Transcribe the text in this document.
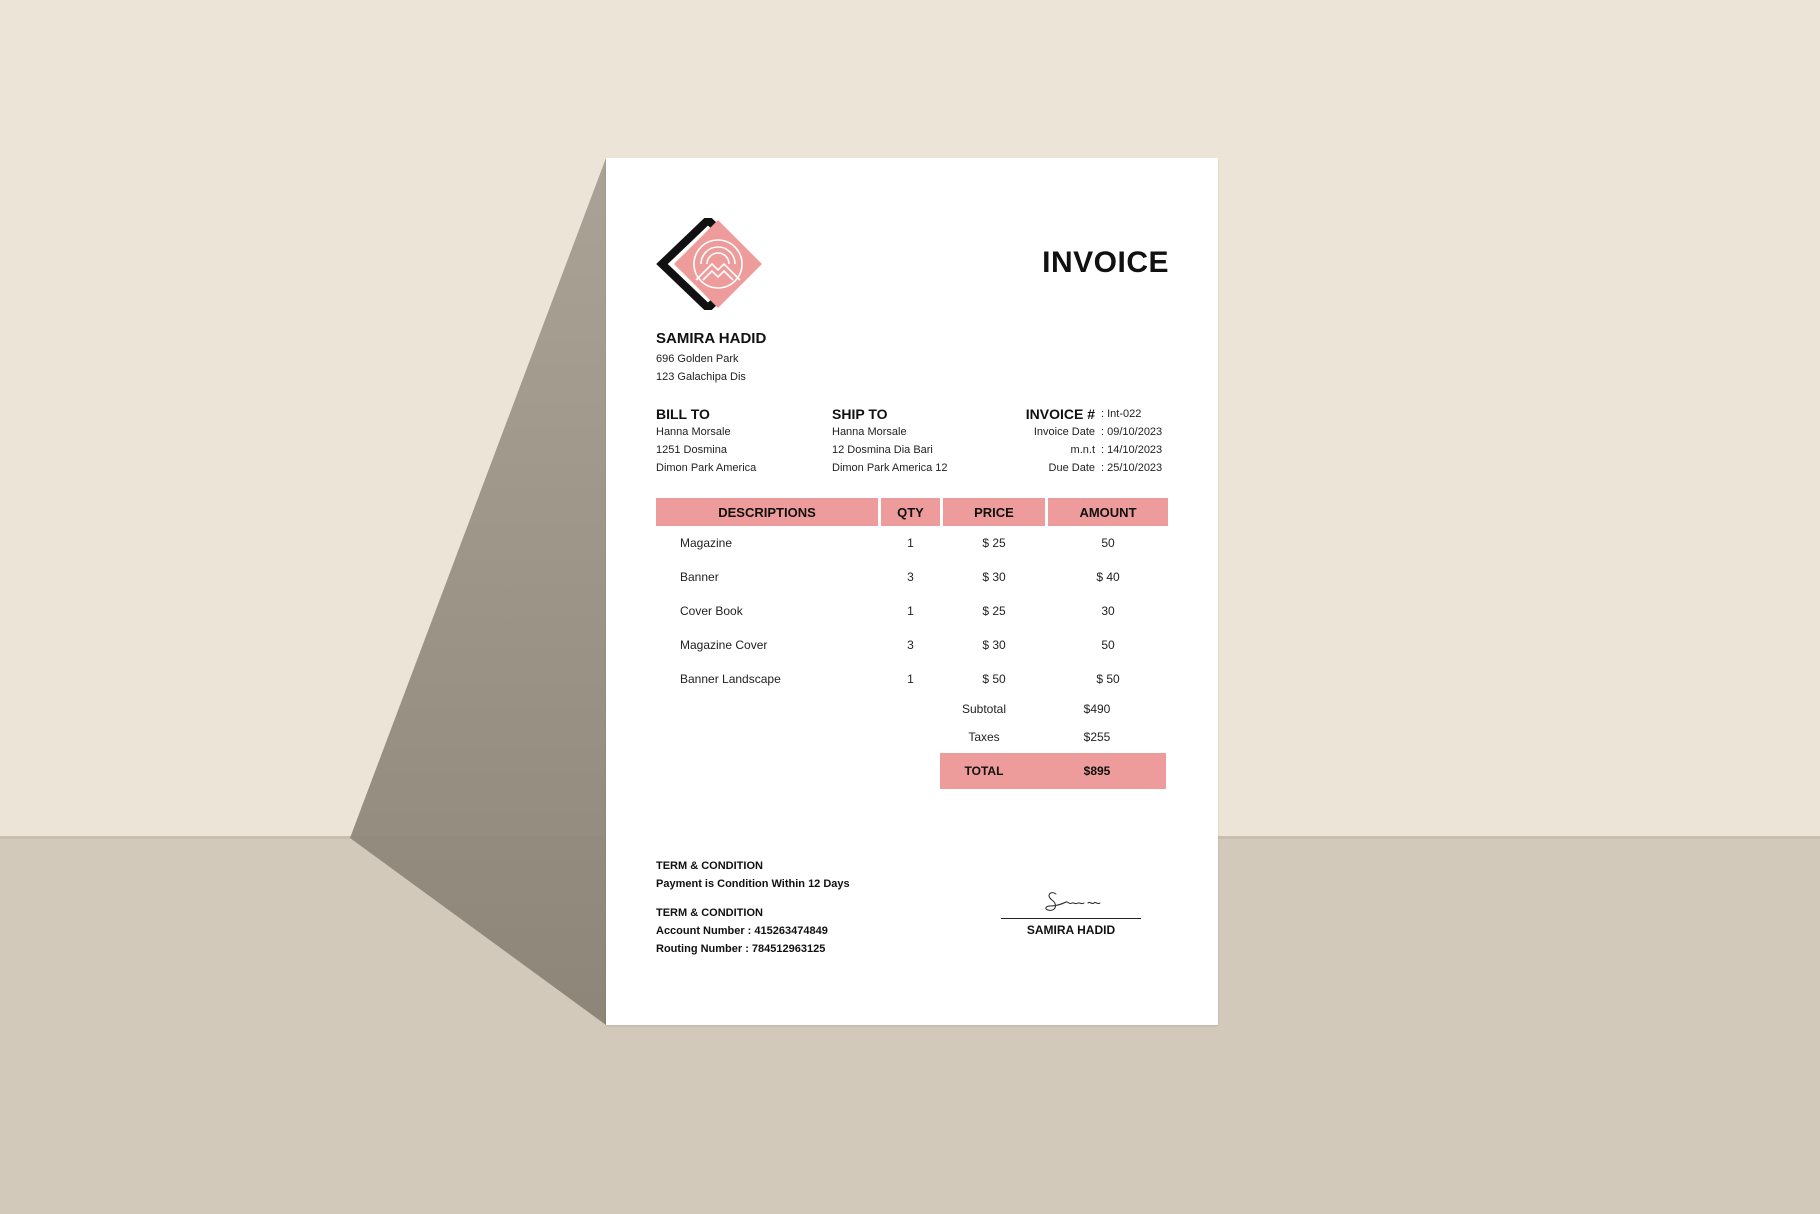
INVOICE
SAMIRA HADID
696 Golden Park
123 Galachipa Dis
BILL TO
Hanna Morsale
1251 Dosmina
Dimon Park America
SHIP TO
Hanna Morsale
12 Dosmina Dia Bari
Dimon Park America 12
INVOICE # : Int-022
Invoice Date : 09/10/2023
m.n.t : 14/10/2023
Due Date : 25/10/2023
DESCRIPTIONS	QTY	PRICE	AMOUNT
Magazine	1	$ 25	50
Banner	3	$ 30	$ 40
Cover Book	1	$ 25	30
Magazine Cover	3	$ 30	50
Banner Landscape	1	$ 50	$ 50
Subtotal	$490
Taxes	$255
TOTAL	$895
TERM & CONDITION
Payment is Condition Within 12 Days
TERM & CONDITION
Account Number : 415263474849
Routing Number : 784512963125
SAMIRA HADID
